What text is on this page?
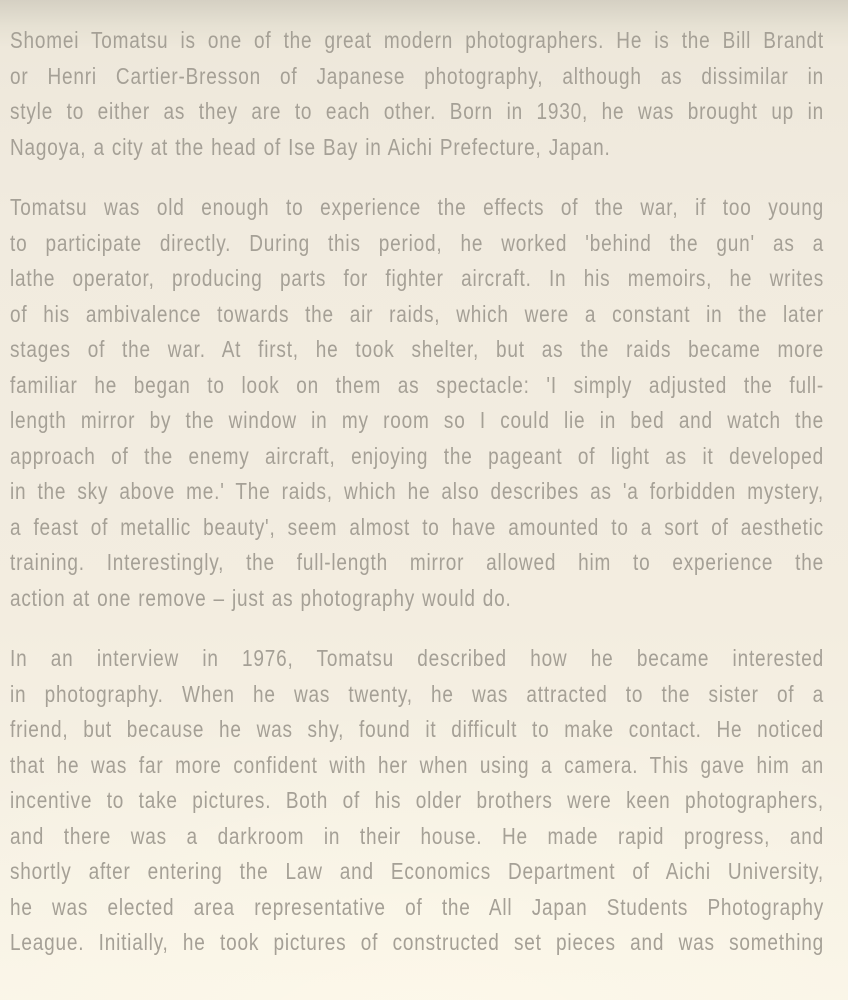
Shomei Tomatsu is one of the great modern photographers. He is the Bill Brandt
or Henri Cartier-Bresson of Japanese photography, although as dissimilar in
style to either as they are to each other. Born in 1930, he was brought up in
Nagoya, a city at the head of Ise Bay in Aichi Prefecture, Japan.

Tomatsu was old enough to experience the effects of the war, if too young
to participate directly. During this period, he worked 'behind the gun' as a
lathe operator, producing parts for fighter aircraft. In his memoirs, he writes
of his ambivalence towards the air raids, which were a constant in the later
stages of the war. At first, he took shelter, but as the raids became more
familiar he began to look on them as spectacle: 'I simply adjusted the full-
length mirror by the window in my room so I could lie in bed and watch the
approach of the enemy aircraft, enjoying the pageant of light as it developed
in the sky above me.' The raids, which he also describes as 'a forbidden mystery,
a feast of metallic beauty', seem almost to have amounted to a sort of aesthetic
training. Interestingly, the full-length mirror allowed him to experience the
action at one remove – just as photography would do.

In an interview in 1976, Tomatsu described how he became interested
in photography. When he was twenty, he was attracted to the sister of a
friend, but because he was shy, found it difficult to make contact. He noticed
that he was far more confident with her when using a camera. This gave him an
incentive to take pictures. Both of his older brothers were keen photographers,
and there was a darkroom in their house. He made rapid progress, and
shortly after entering the Law and Economics Department of Aichi University,
he was elected area representative of the All Japan Students Photography
League. Initially, he took pictures of constructed set pieces and was something
